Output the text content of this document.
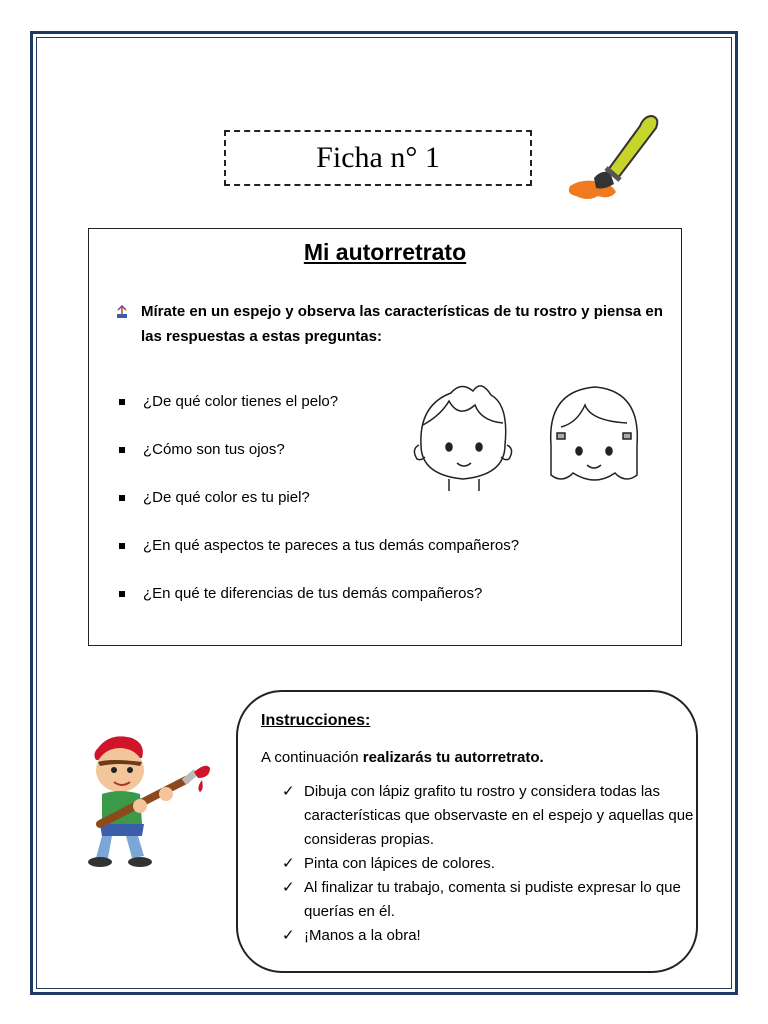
Ficha n° 1
Mi autorretrato
Mírate en un espejo y observa las características de tu rostro y piensa en las respuestas a estas preguntas:
¿De qué color tienes el pelo?
¿Cómo son tus ojos?
¿De qué color es tu piel?
¿En qué aspectos te pareces a tus demás compañeros?
¿En qué te diferencias de tus demás compañeros?
Instrucciones:
A continuación realizarás tu autorretrato.
✓ Dibuja con lápiz grafito tu rostro y considera todas las características que observaste en el espejo y aquellas que consideras propias.
✓ Pinta con lápices de colores.
✓ Al finalizar tu trabajo, comenta si pudiste expresar lo que querías en él.
✓ ¡Manos a la obra!
